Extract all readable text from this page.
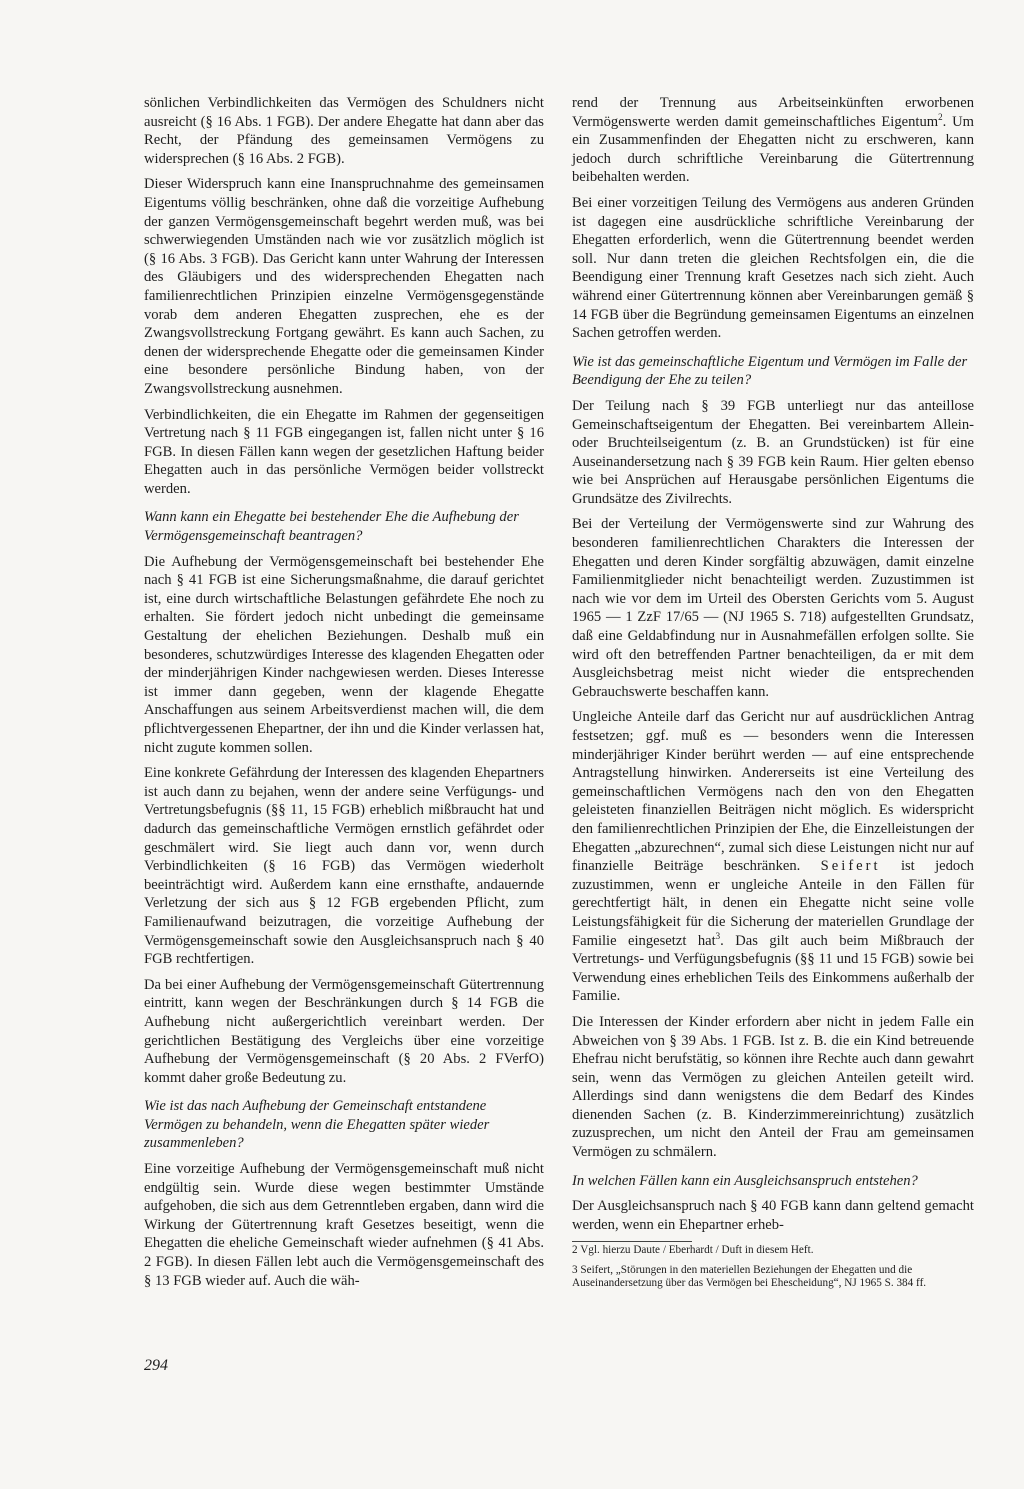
sönlichen Verbindlichkeiten das Vermögen des Schuldners nicht ausreicht (§ 16 Abs. 1 FGB). Der andere Ehegatte hat dann aber das Recht, der Pfändung des gemeinsamen Vermögens zu widersprechen (§ 16 Abs. 2 FGB).

Dieser Widerspruch kann eine Inanspruchnahme des gemeinsamen Eigentums völlig beschränken, ohne daß die vorzeitige Aufhebung der ganzen Vermögensgemeinschaft begehrt werden muß, was bei schwerwiegenden Umständen nach wie vor zusätzlich möglich ist (§ 16 Abs. 3 FGB). Das Gericht kann unter Wahrung der Interessen des Gläubigers und des widersprechenden Ehegatten nach familienrechtlichen Prinzipien einzelne Vermögensgegenstände vorab dem anderen Ehegatten zusprechen, ehe es der Zwangsvollstreckung Fortgang gewährt. Es kann auch Sachen, zu denen der widersprechende Ehegatte oder die gemeinsamen Kinder eine besondere persönliche Bindung haben, von der Zwangsvollstreckung ausnehmen.

Verbindlichkeiten, die ein Ehegatte im Rahmen der gegenseitigen Vertretung nach § 11 FGB eingegangen ist, fallen nicht unter § 16 FGB. In diesen Fällen kann wegen der gesetzlichen Haftung beider Ehegatten auch in das persönliche Vermögen beider vollstreckt werden.

Wann kann ein Ehegatte bei bestehender Ehe die Aufhebung der Vermögensgemeinschaft beantragen?

Die Aufhebung der Vermögensgemeinschaft bei bestehender Ehe nach § 41 FGB ist eine Sicherungsmaßnahme, die darauf gerichtet ist, eine durch wirtschaftliche Belastungen gefährdete Ehe noch zu erhalten. Sie fördert jedoch nicht unbedingt die gemeinsame Gestaltung der ehelichen Beziehungen. Deshalb muß ein besonderes, schutzwürdiges Interesse des klagenden Ehegatten oder der minderjährigen Kinder nachgewiesen werden. Dieses Interesse ist immer dann gegeben, wenn der klagende Ehegatte Anschaffungen aus seinem Arbeitsverdienst machen will, die dem pflichtvergessenen Ehepartner, der ihn und die Kinder verlassen hat, nicht zugute kommen sollen.

Eine konkrete Gefährdung der Interessen des klagenden Ehepartners ist auch dann zu bejahen, wenn der andere seine Verfügungs- und Vertretungsbefugnis (§§ 11, 15 FGB) erheblich mißbraucht hat und dadurch das gemeinschaftliche Vermögen ernstlich gefährdet oder geschmälert wird. Sie liegt auch dann vor, wenn durch Verbindlichkeiten (§ 16 FGB) das Vermögen wiederholt beeinträchtigt wird. Außerdem kann eine ernsthafte, andauernde Verletzung der sich aus § 12 FGB ergebenden Pflicht, zum Familienaufwand beizutragen, die vorzeitige Aufhebung der Vermögensgemeinschaft sowie den Ausgleichsanspruch nach § 40 FGB rechtfertigen.

Da bei einer Aufhebung der Vermögensgemeinschaft Gütertrennung eintritt, kann wegen der Beschränkungen durch § 14 FGB die Aufhebung nicht außergerichtlich vereinbart werden. Der gerichtlichen Bestätigung des Vergleichs über eine vorzeitige Aufhebung der Vermögensgemeinschaft (§ 20 Abs. 2 FVerfO) kommt daher große Bedeutung zu.

Wie ist das nach Aufhebung der Gemeinschaft entstandene Vermögen zu behandeln, wenn die Ehegatten später wieder zusammenleben?

Eine vorzeitige Aufhebung der Vermögensgemeinschaft muß nicht endgültig sein. Wurde diese wegen bestimmter Umstände aufgehoben, die sich aus dem Getrenntleben ergaben, dann wird die Wirkung der Gütertrennung kraft Gesetzes beseitigt, wenn die Ehegatten die eheliche Gemeinschaft wieder aufnehmen (§ 41 Abs. 2 FGB). In diesen Fällen lebt auch die Vermögensgemeinschaft des § 13 FGB wieder auf. Auch die wäh-

rend der Trennung aus Arbeitseinkünften erworbenen Vermögenswerte werden damit gemeinschaftliches Eigentum$^2$. Um ein Zusammenfinden der Ehegatten nicht zu erschweren, kann jedoch durch schriftliche Vereinbarung die Gütertrennung beibehalten werden.

Bei einer vorzeitigen Teilung des Vermögens aus anderen Gründen ist dagegen eine ausdrückliche schriftliche Vereinbarung der Ehegatten erforderlich, wenn die Gütertrennung beendet werden soll. Nur dann treten die gleichen Rechtsfolgen ein, die die Beendigung einer Trennung kraft Gesetzes nach sich zieht. Auch während einer Gütertrennung können aber Vereinbarungen gemäß § 14 FGB über die Begründung gemeinsamen Eigentums an einzelnen Sachen getroffen werden.

Wie ist das gemeinschaftliche Eigentum und Vermögen im Falle der Beendigung der Ehe zu teilen?

Der Teilung nach § 39 FGB unterliegt nur das anteillose Gemeinschaftseigentum der Ehegatten. Bei vereinbartem Allein- oder Bruchteilseigentum (z. B. an Grundstücken) ist für eine Auseinandersetzung nach § 39 FGB kein Raum. Hier gelten ebenso wie bei Ansprüchen auf Herausgabe persönlichen Eigentums die Grundsätze des Zivilrechts.

Bei der Verteilung der Vermögenswerte sind zur Wahrung des besonderen familienrechtlichen Charakters die Interessen der Ehegatten und deren Kinder sorgfältig abzuwägen, damit einzelne Familienmitglieder nicht benachteiligt werden. Zuzustimmen ist nach wie vor dem im Urteil des Obersten Gerichts vom 5. August 1965 — 1 ZzF 17/65 — (NJ 1965 S. 718) aufgestellten Grundsatz, daß eine Geldabfindung nur in Ausnahmefällen erfolgen sollte. Sie wird oft den betreffenden Partner benachteiligen, da er mit dem Ausgleichsbetrag meist nicht wieder die entsprechenden Gebrauchswerte beschaffen kann.

Ungleiche Anteile darf das Gericht nur auf ausdrücklichen Antrag festsetzen; ggf. muß es — besonders wenn die Interessen minderjähriger Kinder berührt werden — auf eine entsprechende Antragstellung hinwirken. Andererseits ist eine Verteilung des gemeinschaftlichen Vermögens nach den von den Ehegatten geleisteten finanziellen Beiträgen nicht möglich. Es widerspricht den familienrechtlichen Prinzipien der Ehe, die Einzelleistungen der Ehegatten „abzurechnen“, zumal sich diese Leistungen nicht nur auf finanzielle Beiträge beschränken. Seifert ist jedoch zuzustimmen, wenn er ungleiche Anteile in den Fällen für gerechtfertigt hält, in denen ein Ehegatte nicht seine volle Leistungsfähigkeit für die Sicherung der materiellen Grundlage der Familie eingesetzt hat$^3$. Das gilt auch beim Mißbrauch der Vertretungs- und Verfügungsbefugnis (§§ 11 und 15 FGB) sowie bei Verwendung eines erheblichen Teils des Einkommens außerhalb der Familie.

Die Interessen der Kinder erfordern aber nicht in jedem Falle ein Abweichen von § 39 Abs. 1 FGB. Ist z. B. die ein Kind betreuende Ehefrau nicht berufstätig, so können ihre Rechte auch dann gewahrt sein, wenn das Vermögen zu gleichen Anteilen geteilt wird. Allerdings sind dann wenigstens die dem Bedarf des Kindes dienenden Sachen (z. B. Kinderzimmereinrichtung) zusätzlich zuzusprechen, um nicht den Anteil der Frau am gemeinsamen Vermögen zu schmälern.

In welchen Fällen kann ein Ausgleichsanspruch entstehen?

Der Ausgleichsanspruch nach § 40 FGB kann dann geltend gemacht werden, wenn ein Ehepartner erheb-

2 Vgl. hierzu Daute / Eberhardt / Duft in diesem Heft.

3 Seifert, „Störungen in den materiellen Beziehungen der Ehegatten und die Auseinandersetzung über das Vermögen bei Ehescheidung“, NJ 1965 S. 384 ff.

294
